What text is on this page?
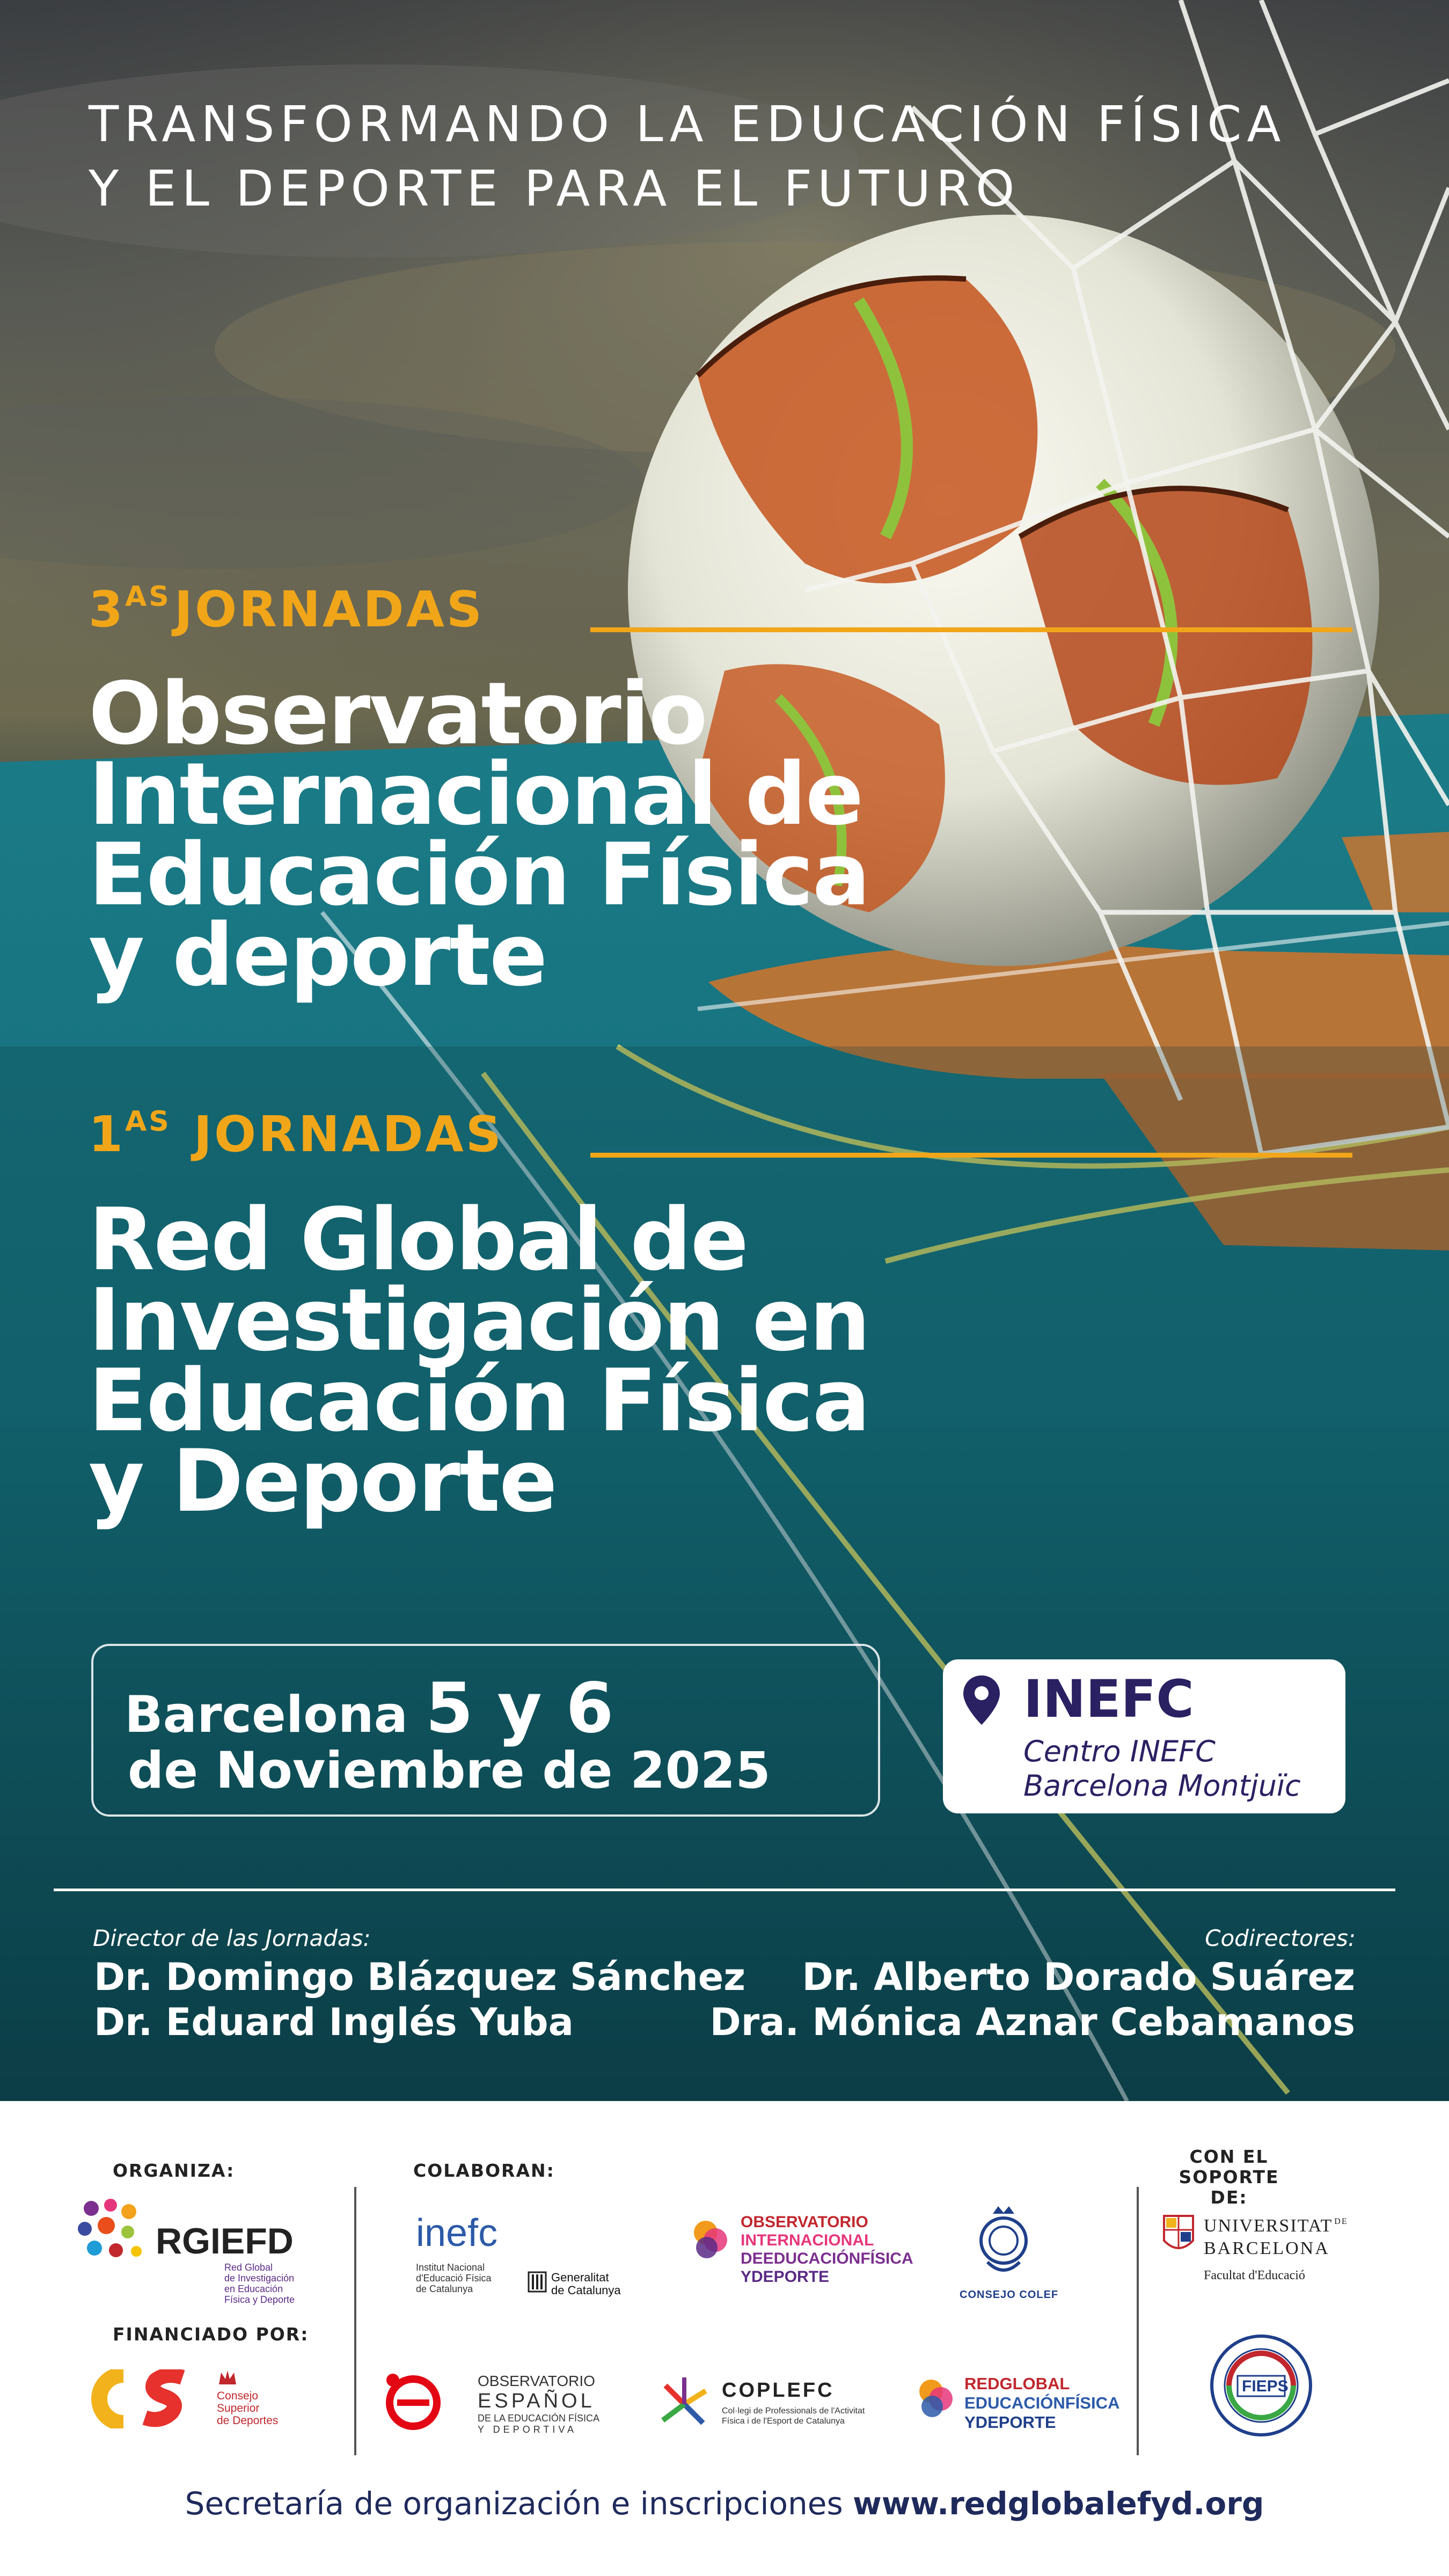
TRANSFORMANDO LA EDUCACIÓN FÍSICA
Y EL DEPORTE PARA EL FUTURO
$3^{AS}JORNADAS$
Observatorio
Internacional de
Educación Física
y deporte
$1^{AS}$ JORNADAS
Red Global de
Investigación en
Educación Física
y Deporte
Barcelona 5 y 6
de Noviembre de 2025
INEFC
Centro INEFC
Barcelona Montjuïc
Director de las Jornadas:	Codirectores:
Dr. Domingo Blázquez Sánchez
Dr. Eduard Inglés Yuba
Dr. Alberto Dorado Suárez
Dra. Mónica Aznar Cebamanos
ORGANIZA:
FINANCIADO POR:
COLABORAN:
CON EL
SOPORTE DE:
RGIEFD
Red Global
de Investigación
en Educación
Física y Deporte
Consejo
Superior
de Deportes
inefc
Institut Nacional
d'Educació Física
de Catalunya
Generalitat
de Catalunya
OBSERVATORIO
INTERNACIONAL
DEEDUCACIÓNFÍSICA
YDEPORTE
CONSEJO COLEF
OBSERVATORIO
ESPAÑOL
DE LA EDUCACIÓN FÍSICA
Y DEPORTIVA
COPLEFC
Col·legi de Professionals de l'Activitat
Física i de l'Esport de Catalunya
REDGLOBAL
EDUCACIÓNFÍSICA
YDEPORTE
UNIVERSITAT $^{DE}$
BARCELONA
Facultat d'Educació
FIEPS
Secretaría de organización e inscripciones www.redglobalefyd.org
